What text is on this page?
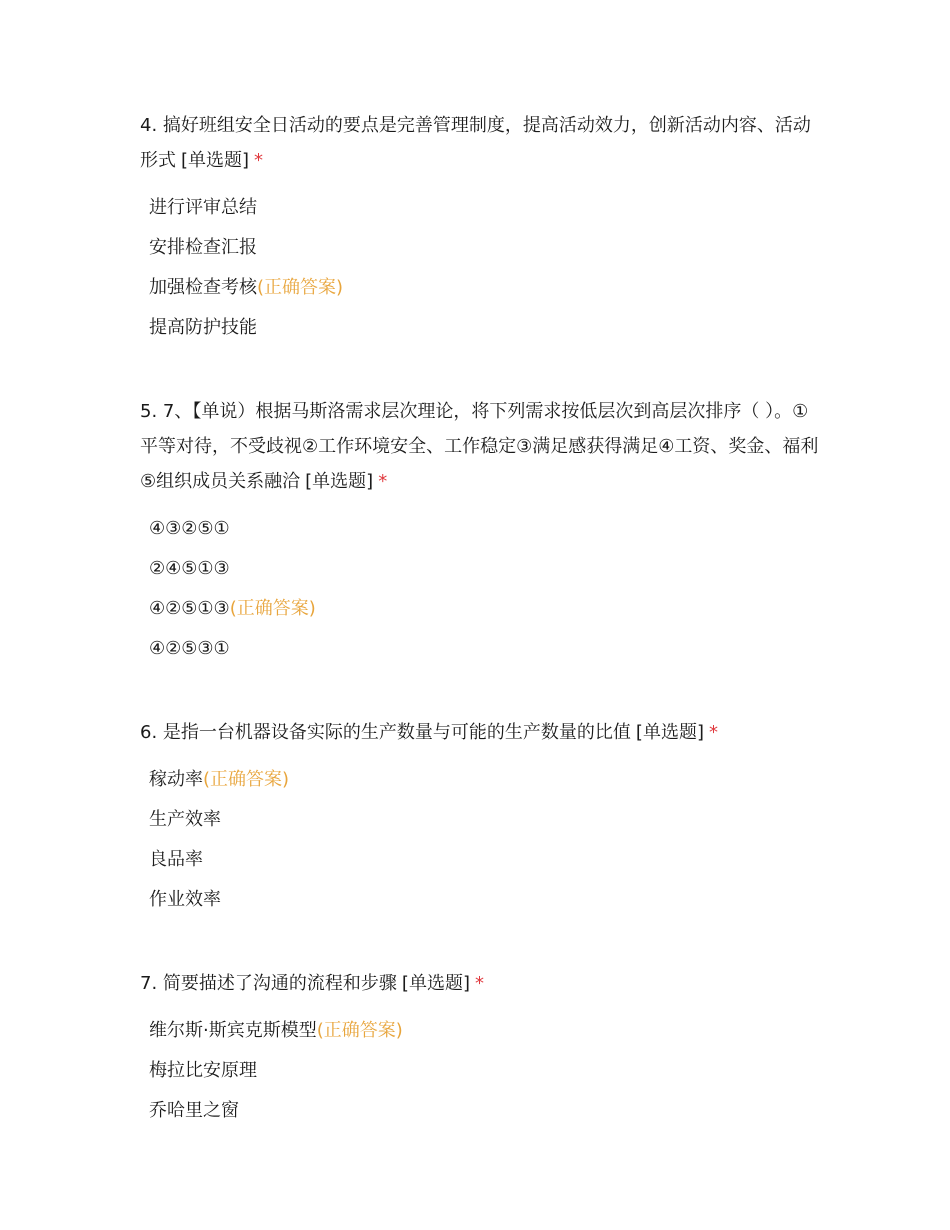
4. 搞好班组安全日活动的要点是完善管理制度，提高活动效力，创新活动内容、活动形式 [单选题] *
进行评审总结
安排检查汇报
加强检查考核(正确答案)
提高防护技能
5. 7、【单说）根据马斯洛需求层次理论，将下列需求按低层次到高层次排序（ ）。①平等对待，不受歧视②工作环境安全、工作稳定③满足感获得满足④工资、奖金、福利⑤组织成员关系融洽 [单选题] *
④③②⑤①
②④⑤①③
④②⑤①③(正确答案)
④②⑤③①
6. 是指一台机器设备实际的生产数量与可能的生产数量的比值 [单选题] *
稼动率(正确答案)
生产效率
良品率
作业效率
7. 简要描述了沟通的流程和步骤 [单选题] *
维尔斯·斯宾克斯模型(正确答案)
梅拉比安原理
乔哈里之窗
